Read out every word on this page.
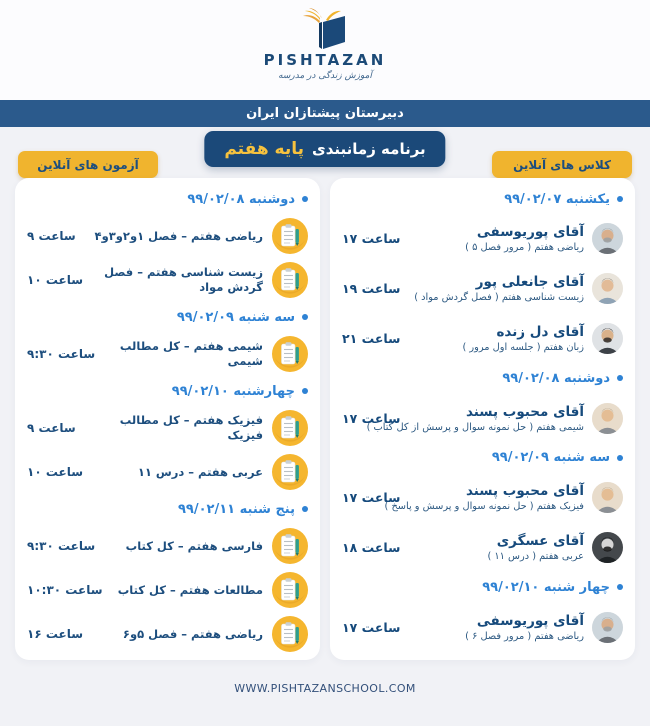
PISHTAZAN
آموزش زندگی در مدرسه
دبیرستان پیشتازان ایران
برنامه زمانبندی
پایه هفتم
آزمون های آنلاین	کلاس های آنلاین
دوشنبه ۹۹/۰۲/۰۸
ریاضی هفتم – فصل ۱و۲و۳و۴
ساعت ۹
زیست شناسی هفتم – فصل گردش مواد
ساعت ۱۰
سه شنبه ۹۹/۰۲/۰۹
شیمی هفتم – کل مطالب شیمی
ساعت ۹:۳۰
چهارشنبه ۹۹/۰۲/۱۰
فیزیک هفتم – کل مطالب فیزیک
ساعت ۹
عربی هفتم – درس ۱۱
ساعت ۱۰
پنج شنبه ۹۹/۰۲/۱۱
فارسی هفتم – کل کتاب
ساعت ۹:۳۰
مطالعات هفتم – کل کتاب
ساعت ۱۰:۳۰
ریاضی هفتم – فصل ۵و۶
ساعت ۱۶
یکشنبه ۹۹/۰۲/۰۷
آقای پوریوسفی
ریاضی هفتم ( مرور فصل ۵ )
ساعت ۱۷
آقای جانعلی پور
زیست شناسی هفتم ( فصل گردش مواد )
ساعت ۱۹
آقای دل زنده
زبان هفتم ( جلسه اول مرور )
ساعت ۲۱
دوشنبه ۹۹/۰۲/۰۸
آقای محبوب پسند
شیمی هفتم ( حل نمونه سوال و پرسش از کل کتاب )
ساعت ۱۷
سه شنبه ۹۹/۰۲/۰۹
آقای محبوب پسند
فیزیک هفتم ( حل نمونه سوال و پرسش و پاسخ )
ساعت ۱۷
آقای عسگری
عربی هفتم ( درس ۱۱ )
ساعت ۱۸
چهار شنبه ۹۹/۰۲/۱۰
آقای پوریوسفی
ریاضی هفتم ( مرور فصل ۶ )
ساعت ۱۷
WWW.PISHTAZANSCHOOL.COM
